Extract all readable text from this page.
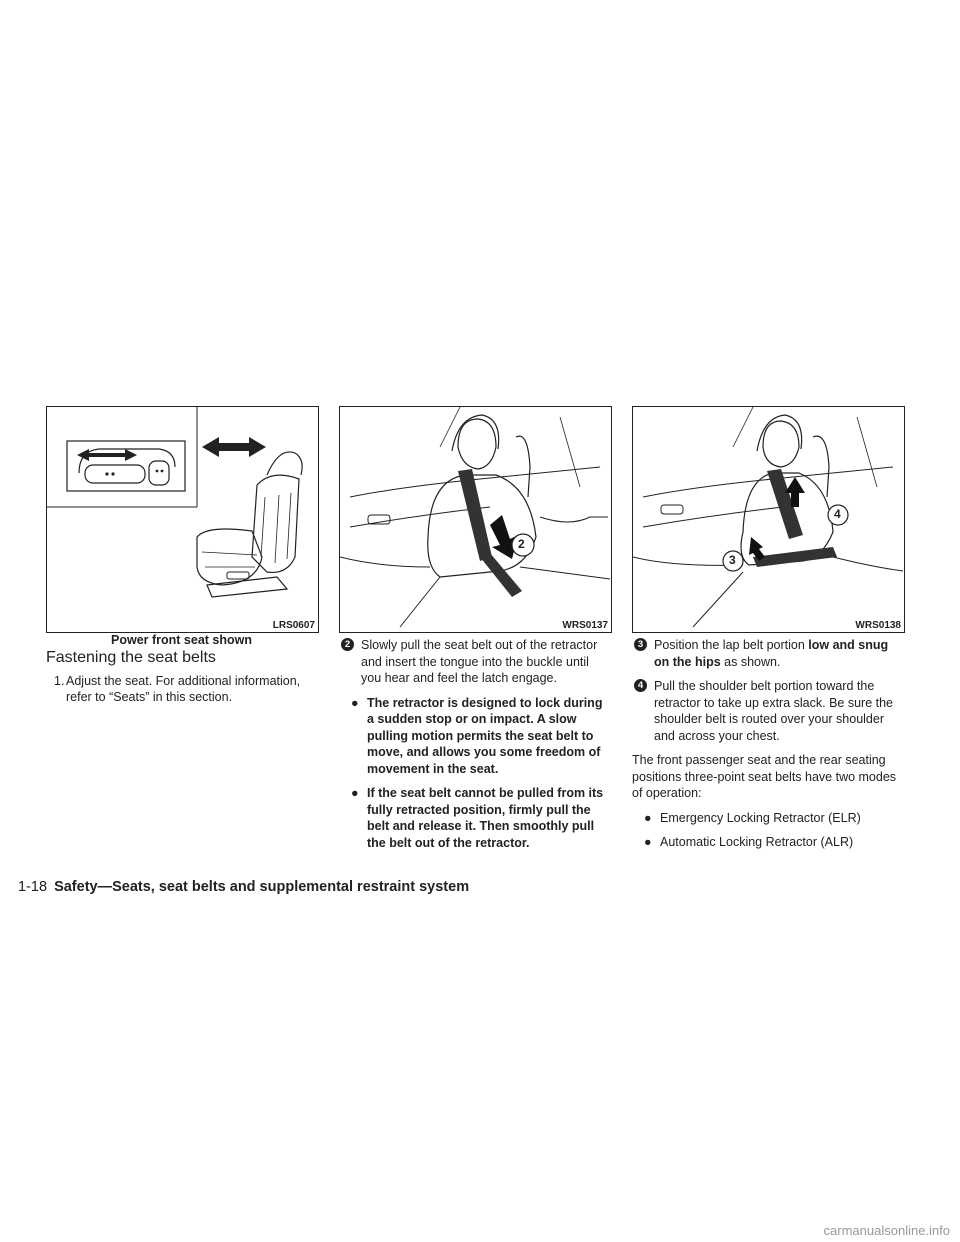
LRS0607
Power front seat shown
2
WRS0137
3
4
WRS0138
Fastening the seat belts
1. Adjust the seat. For additional information, refer to “Seats” in this section.
2 Slowly pull the seat belt out of the retractor and insert the tongue into the buckle until you hear and feel the latch engage.
● The retractor is designed to lock during a sudden stop or on impact. A slow pulling motion permits the seat belt to move, and allows you some freedom of movement in the seat.
● If the seat belt cannot be pulled from its fully retracted position, firmly pull the belt and release it. Then smoothly pull the belt out of the retractor.
3 Position the lap belt portion low and snug on the hips as shown.
4 Pull the shoulder belt portion toward the retractor to take up extra slack. Be sure the shoulder belt is routed over your shoulder and across your chest.

The front passenger seat and the rear seating positions three-point seat belts have two modes of operation:

● Emergency Locking Retractor (ELR)
● Automatic Locking Retractor (ALR)
1-18 Safety—Seats, seat belts and supplemental restraint system
carmanualsonline.info
